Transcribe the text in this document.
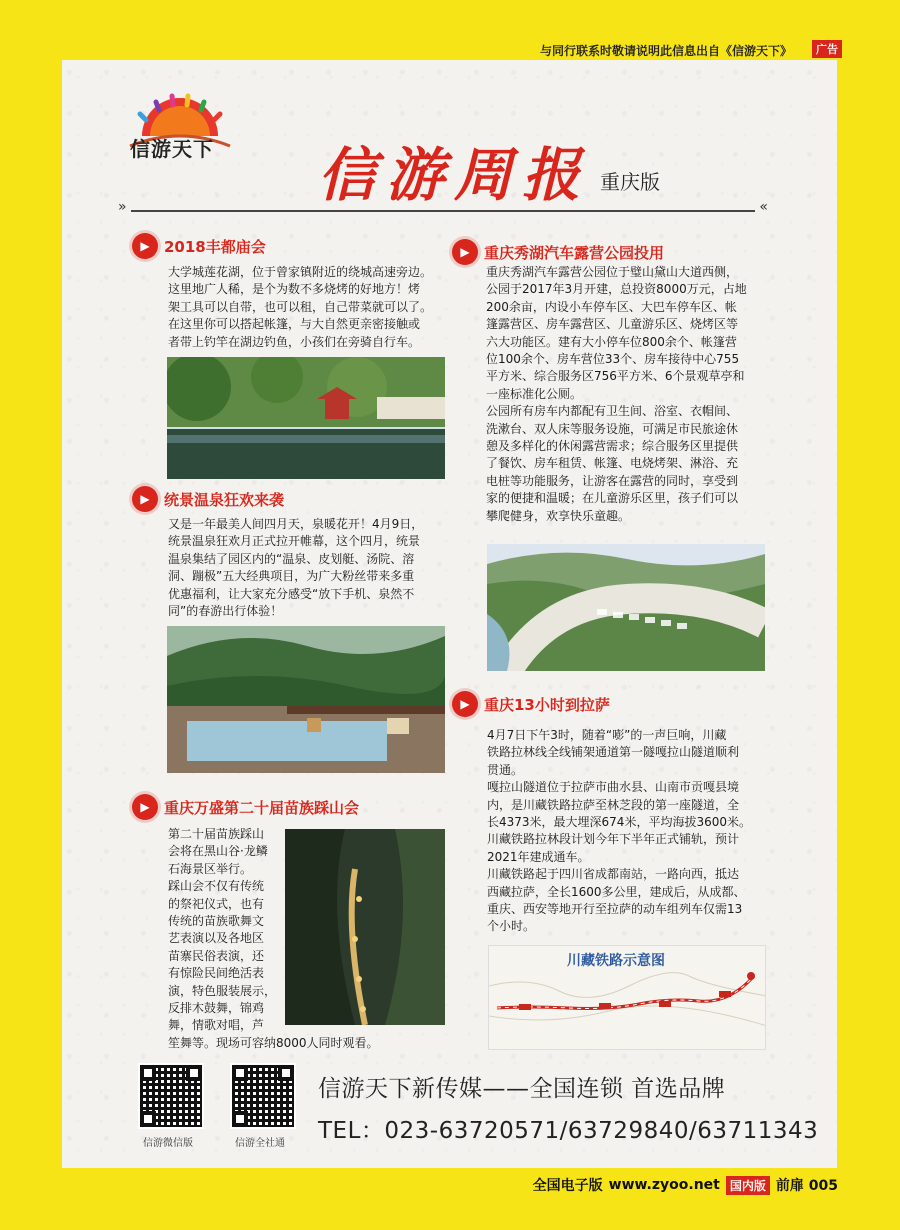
与同行联系时敬请说明此信息出自《信游天下》	广告
信游天下 信游周报 重庆版
» «
▶ 2018丰都庙会
大学城莲花湖，位于曾家镇附近的绕城高速旁边。
这里地广人稀，是个为数不多烧烤的好地方！烤
架工具可以自带，也可以租，自己带菜就可以了。
在这里你可以搭起帐篷，与大自然更亲密接触或
者带上钓竿在湖边钓鱼，小孩们在旁骑自行车。
▶ 统景温泉狂欢来袭
又是一年最美人间四月天，泉暖花开！4月9日，
统景温泉狂欢月正式拉开帷幕，这个四月，统景
温泉集结了园区内的“温泉、皮划艇、汤院、溶
洞、蹦极”五大经典项目，为广大粉丝带来多重
优惠福利，让大家充分感受“放下手机、泉然不
同”的春游出行体验！
▶ 重庆万盛第二十届苗族踩山会
第二十届苗族踩山
会将在黑山谷·龙鳞
石海景区举行。
踩山会不仅有传统
的祭祀仪式，也有
传统的苗族歌舞文
艺表演以及各地区
苗寨民俗表演，还
有惊险民间绝活表
演，特色服装展示，
反排木鼓舞，锦鸡
舞，情歌对唱，芦
笙舞等。现场可容纳8000人同时观看。
▶ 重庆秀湖汽车露营公园投用
重庆秀湖汽车露营公园位于璧山黛山大道西侧，
公园于2017年3月开建，总投资8000万元，占地
200余亩，内设小车停车区、大巴车停车区、帐
篷露营区、房车露营区、儿童游乐区、烧烤区等
六大功能区。建有大小停车位800余个、帐篷营
位100余个、房车营位33个、房车接待中心755
平方米、综合服务区756平方米、6个景观草亭和
一座标准化公厕。
公园所有房车内都配有卫生间、浴室、衣帽间、
洗漱台、双人床等服务设施，可满足市民旅途休
憩及多样化的休闲露营需求；综合服务区里提供
了餐饮、房车租赁、帐篷、电烧烤架、淋浴、充
电桩等功能服务，让游客在露营的同时，享受到
家的便捷和温暖；在儿童游乐区里，孩子们可以
攀爬健身，欢享快乐童趣。
▶ 重庆13小时到拉萨
4月7日下午3时，随着“嘭”的一声巨响，川藏
铁路拉林线全线铺架通道第一隧嘎拉山隧道顺利
贯通。
嘎拉山隧道位于拉萨市曲水县、山南市贡嘎县境
内，是川藏铁路拉萨至林芝段的第一座隧道，全
长4373米，最大埋深674米，平均海拔3600米。
川藏铁路拉林段计划今年下半年正式铺轨，预计
2021年建成通车。
川藏铁路起于四川省成都南站，一路向西，抵达
西藏拉萨，全长1600多公里，建成后，从成都、
重庆、西安等地开行至拉萨的动车组列车仅需13
个小时。
川藏铁路示意图
信游微信版	信游全社通
信游天下新传媒——全国连锁 首选品牌
TEL：023-63720571/63729840/63711343
全国电子版 www.zyoo.net 国内版 前扉 005
